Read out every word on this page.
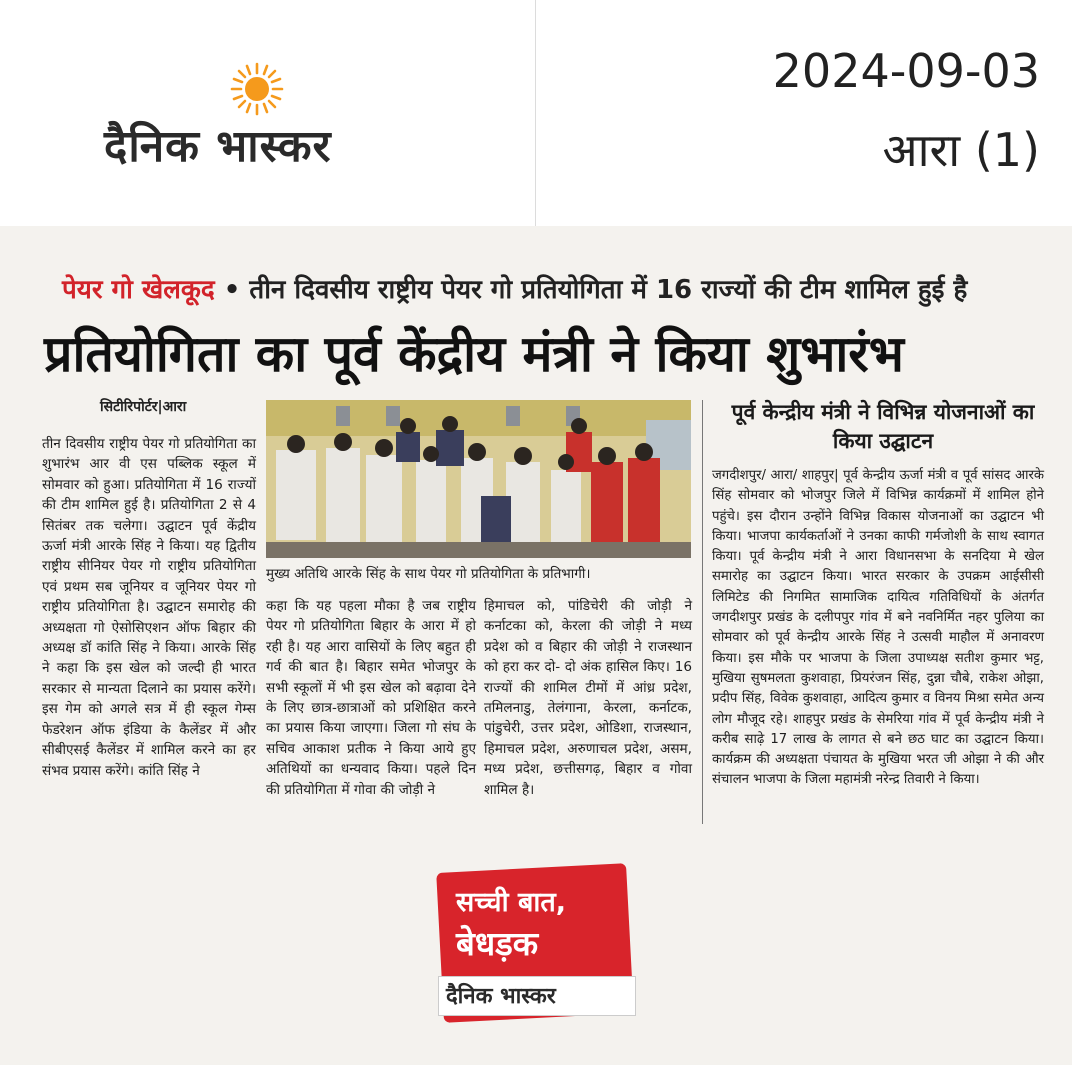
दैनिक भास्कर
2024-09-03
आरा (1)
पेयर गो खेलकूद • तीन दिवसीय राष्ट्रीय पेयर गो प्रतियोगिता में 16 राज्यों की टीम शामिल हुई है
प्रतियोगिता का पूर्व केंद्रीय मंत्री ने किया शुभारंभ
सिटीरिपोर्टर|आरा
तीन दिवसीय राष्ट्रीय पेयर गो प्रतियोगिता का शुभारंभ आर वी एस पब्लिक स्कूल में सोमवार को हुआ। प्रतियोगिता में 16 राज्यों की टीम शामिल हुई है। प्रतियोगिता 2 से 4 सितंबर तक चलेगा। उद्घाटन पूर्व केंद्रीय ऊर्जा मंत्री आरके सिंह ने किया। यह द्वितीय राष्ट्रीय सीनियर पेयर गो राष्ट्रीय प्रतियोगिता एवं प्रथम सब जूनियर व जूनियर पेयर गो राष्ट्रीय प्रतियोगिता है। उद्घाटन समारोह की अध्यक्षता गो ऐसोसिएशन ऑफ बिहार की अध्यक्ष डॉ कांति सिंह ने किया। आरके सिंह ने कहा कि इस खेल को जल्दी ही भारत सरकार से मान्यता दिलाने का प्रयास करेंगे। इस गेम को अगले सत्र में ही स्कूल गेम्स फेडरेशन ऑफ इंडिया के कैलेंडर में और सीबीएसई कैलेंडर में शामिल करने का हर संभव प्रयास करेंगे। कांति सिंह ने
मुख्य अतिथि आरके सिंह के साथ पेयर गो प्रतियोगिता के प्रतिभागी।
कहा कि यह पहला मौका है जब राष्ट्रीय पेयर गो प्रतियोगिता बिहार के आरा में हो रही है। यह आरा वासियों के लिए बहुत ही गर्व की बात है। बिहार समेत भोजपुर के सभी स्कूलों में भी इस खेल को बढ़ावा देने के लिए छात्र-छात्राओं को प्रशिक्षित करने का प्रयास किया जाएगा। जिला गो संघ के सचिव आकाश प्रतीक ने किया आये हुए अतिथियों का धन्यवाद किया। पहले दिन की प्रतियोगिता में गोवा की जोड़ी ने
हिमाचल को, पांडिचेरी की जोड़ी ने कर्नाटका को, केरला की जोड़ी ने मध्य प्रदेश को व बिहार की जोड़ी ने राजस्थान को हरा कर दो- दो अंक हासिल किए। 16 राज्यों की शामिल टीमों में आंध्र प्रदेश, तमिलनाडु, तेलंगाना, केरला, कर्नाटक, पांडुचेरी, उत्तर प्रदेश, ओडिशा, राजस्थान, हिमाचल प्रदेश, अरुणाचल प्रदेश, असम, मध्य प्रदेश, छत्तीसगढ़, बिहार व गोवा शामिल है।
पूर्व केन्द्रीय मंत्री ने विभिन्न योजनाओं का किया उद्घाटन
जगदीशपुर/ आरा/ शाहपुर| पूर्व केन्द्रीय ऊर्जा मंत्री व पूर्व सांसद आरके सिंह सोमवार को भोजपुर जिले में विभिन्न कार्यक्रमों में शामिल होने पहुंचे। इस दौरान उन्होंने विभिन्न विकास योजनाओं का उद्घाटन भी किया। भाजपा कार्यकर्ताओं ने उनका काफी गर्मजोशी के साथ स्वागत किया। पूर्व केन्द्रीय मंत्री ने आरा विधानसभा के सनदिया मे खेल समारोह का उद्घाटन किया। भारत सरकार के उपक्रम आईसीसी लिमिटेड की निगमित सामाजिक दायित्व गतिविधियों के अंतर्गत जगदीशपुर प्रखंड के दलीपपुर गांव में बने नवनिर्मित नहर पुलिया का सोमवार को पूर्व केन्द्रीय आरके सिंह ने उत्सवी माहौल में अनावरण किया। इस मौके पर भाजपा के जिला उपाध्यक्ष सतीश कुमार भट्ट, मुखिया सुषमलता कुशवाहा, प्रियरंजन सिंह, दुन्ना चौबे, राकेश ओझा, प्रदीप सिंह, विवेक कुशवाहा, आदित्य कुमार व विनय मिश्रा समेत अन्य लोग मौजूद रहे। शाहपुर प्रखंड के सेमरिया गांव में पूर्व केन्द्रीय मंत्री ने करीब साढ़े 17 लाख के लागत से बने छठ घाट का उद्घाटन किया। कार्यक्रम की अध्यक्षता पंचायत के मुखिया भरत जी ओझा ने की और संचालन भाजपा के जिला महामंत्री नरेन्द्र तिवारी ने किया।
सच्ची बात,
बेधड़क
दैनिक भास्कर
